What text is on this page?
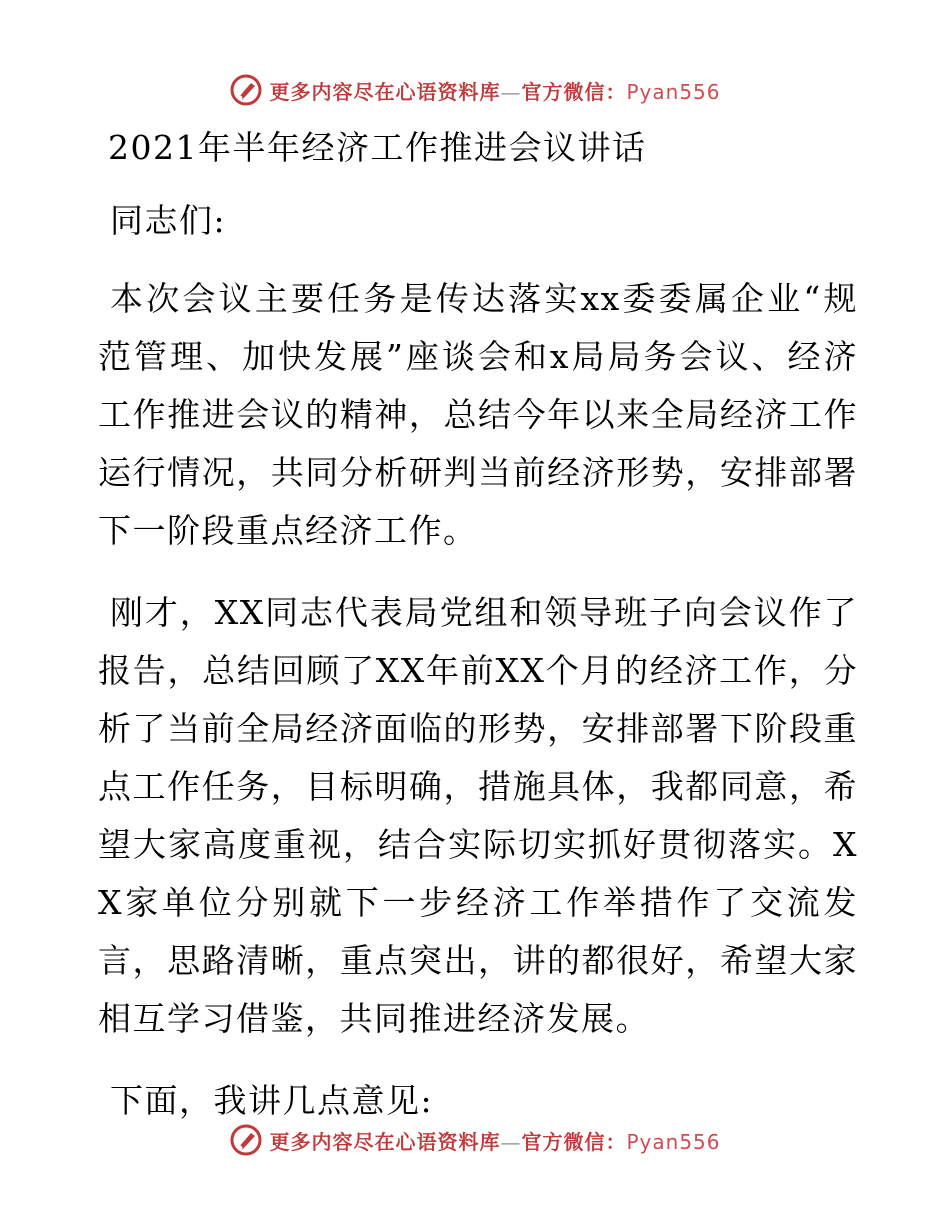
更多内容尽在心语资料库—官方微信：Pyan556
2021年半年经济工作推进会议讲话

同志们:

本次会议主要任务是传达落实xx委委属企业“规范管理、加快发展”座谈会和x局局务会议、经济工作推进会议的精神，总结今年以来全局经济工作运行情况，共同分析研判当前经济形势，安排部署下一阶段重点经济工作。

刚才，XX同志代表局党组和领导班子向会议作了报告，总结回顾了XX年前XX个月的经济工作，分析了当前全局经济面临的形势，安排部署下阶段重点工作任务，目标明确，措施具体，我都同意，希望大家高度重视，结合实际切实抓好贯彻落实。XX家单位分别就下一步经济工作举措作了交流发言，思路清晰，重点突出，讲的都很好，希望大家相互学习借鉴，共同推进经济发展。

下面，我讲几点意见:

更多内容尽在心语资料库—官方微信：Pyan556
